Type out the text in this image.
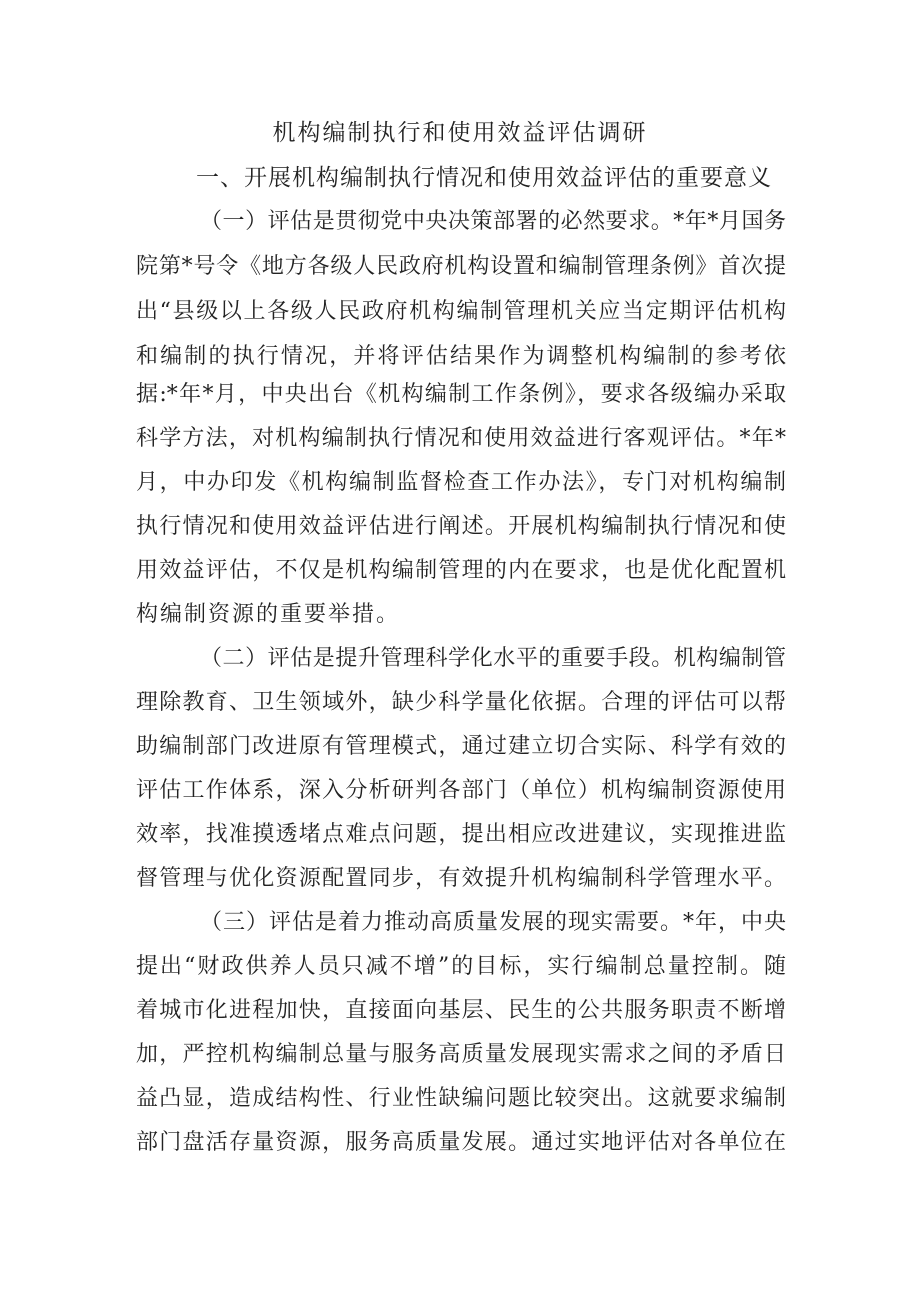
机构编制执行和使用效益评估调研
一、开展机构编制执行情况和使用效益评估的重要意义
（一）评估是贯彻党中央决策部署的必然要求。*年*月国务
院第*号令《地方各级人民政府机构设置和编制管理条例》首次提
出“县级以上各级人民政府机构编制管理机关应当定期评估机构
和编制的执行情况，并将评估结果作为调整机构编制的参考依
据:*年*月，中央出台《机构编制工作条例》，要求各级编办采取
科学方法，对机构编制执行情况和使用效益进行客观评估。*年*
月，中办印发《机构编制监督检查工作办法》，专门对机构编制
执行情况和使用效益评估进行阐述。开展机构编制执行情况和使
用效益评估，不仅是机构编制管理的内在要求，也是优化配置机
构编制资源的重要举措。
（二）评估是提升管理科学化水平的重要手段。机构编制管
理除教育、卫生领域外，缺少科学量化依据。合理的评估可以帮
助编制部门改进原有管理模式，通过建立切合实际、科学有效的
评估工作体系，深入分析研判各部门（单位）机构编制资源使用
效率，找准摸透堵点难点问题，提出相应改进建议，实现推进监
督管理与优化资源配置同步，有效提升机构编制科学管理水平。
（三）评估是着力推动高质量发展的现实需要。*年，中央
提出“财政供养人员只减不增”的目标，实行编制总量控制。随
着城市化进程加快，直接面向基层、民生的公共服务职责不断增
加，严控机构编制总量与服务高质量发展现实需求之间的矛盾日
益凸显，造成结构性、行业性缺编问题比较突出。这就要求编制
部门盘活存量资源，服务高质量发展。通过实地评估对各单位在
